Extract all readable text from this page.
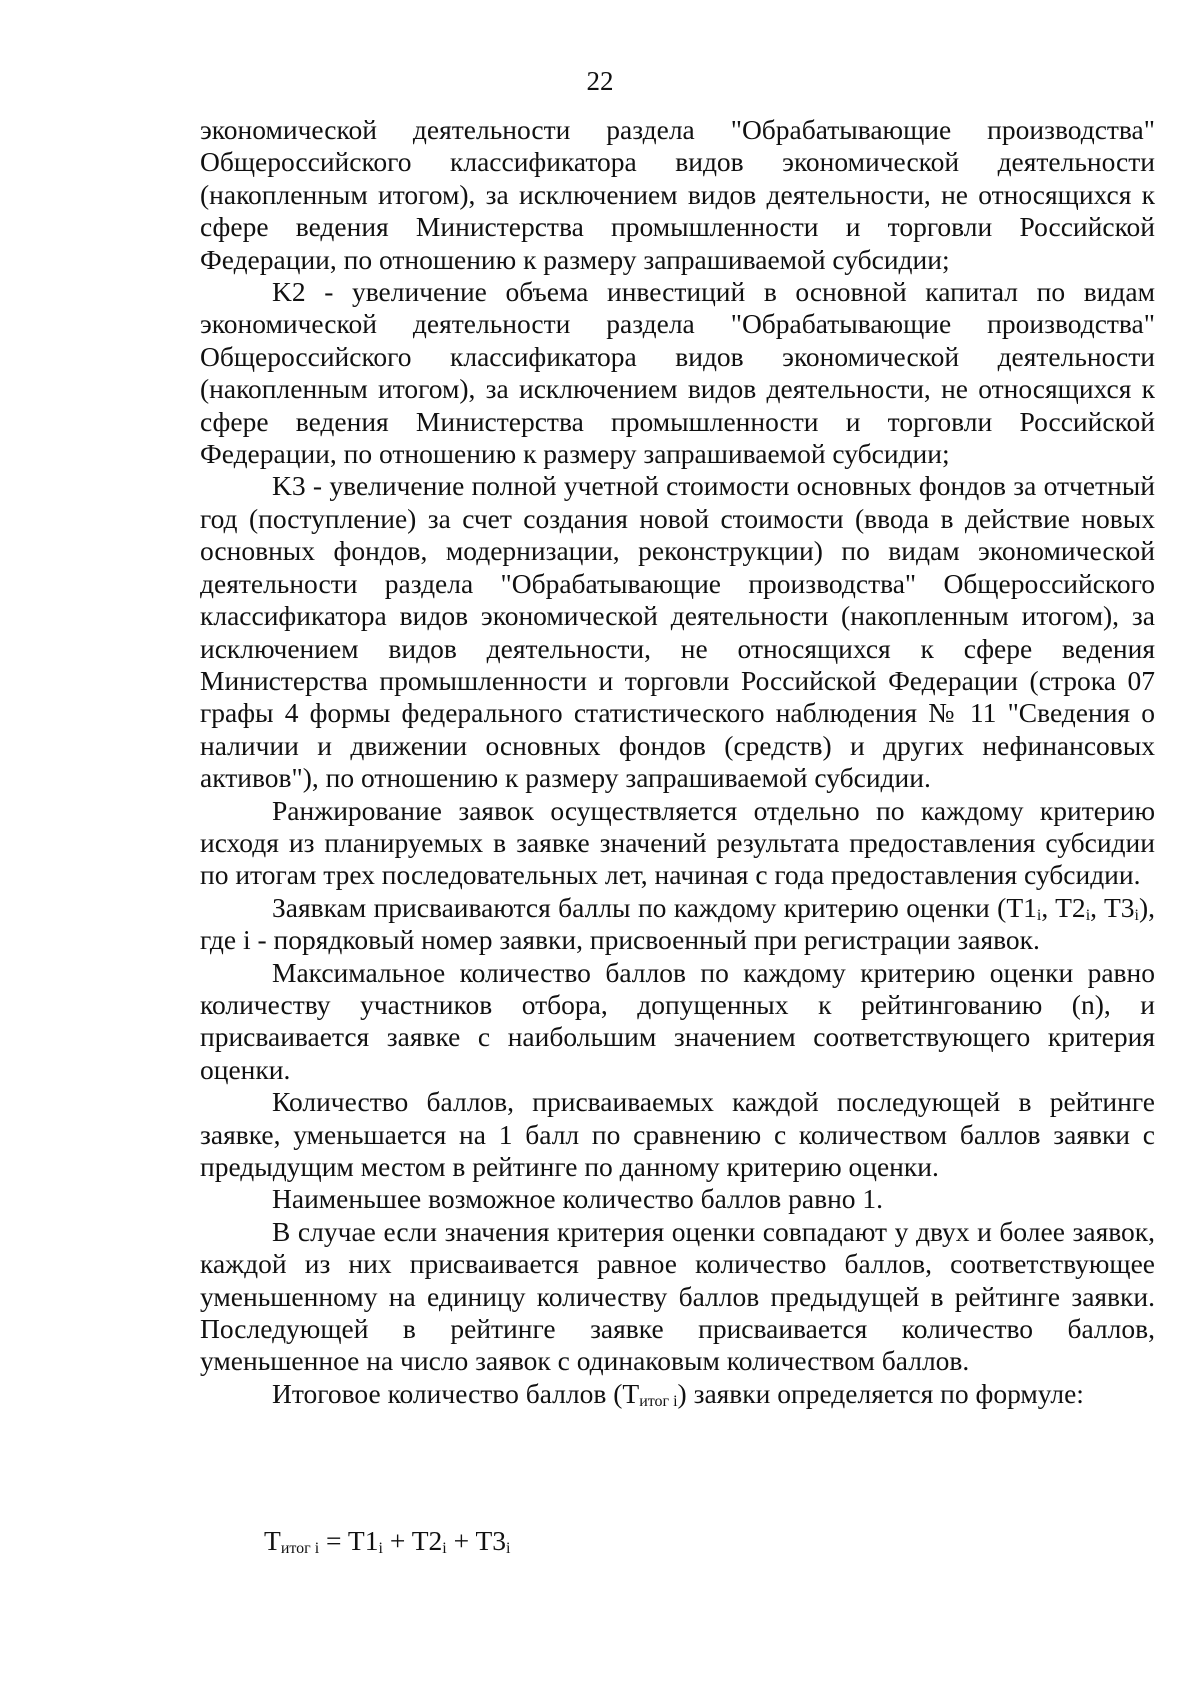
22

экономической деятельности раздела "Обрабатывающие производства" Общероссийского классификатора видов экономической деятельности (накопленным итогом), за исключением видов деятельности, не относящихся к сфере ведения Министерства промышленности и торговли Российской Федерации, по отношению к размеру запрашиваемой субсидии;

K2 - увеличение объема инвестиций в основной капитал по видам экономической деятельности раздела "Обрабатывающие производства" Общероссийского классификатора видов экономической деятельности (накопленным итогом), за исключением видов деятельности, не относящихся к сфере ведения Министерства промышленности и торговли Российской Федерации, по отношению к размеру запрашиваемой субсидии;

K3 - увеличение полной учетной стоимости основных фондов за отчетный год (поступление) за счет создания новой стоимости (ввода в действие новых основных фондов, модернизации, реконструкции) по видам экономической деятельности раздела "Обрабатывающие производства" Общероссийского классификатора видов экономической деятельности (накопленным итогом), за исключением видов деятельности, не относящихся к сфере ведения Министерства промышленности и торговли Российской Федерации (строка 07 графы 4 формы федерального статистического наблюдения № 11 "Сведения о наличии и движении основных фондов (средств) и других нефинансовых активов"), по отношению к размеру запрашиваемой субсидии.

Ранжирование заявок осуществляется отдельно по каждому критерию исходя из планируемых в заявке значений результата предоставления субсидии по итогам трех последовательных лет, начиная с года предоставления субсидии.

Заявкам присваиваются баллы по каждому критерию оценки ($T1_i$, $T2_i$, $T3_i$), где i - порядковый номер заявки, присвоенный при регистрации заявок.

Максимальное количество баллов по каждому критерию оценки равно количеству участников отбора, допущенных к рейтингованию (n), и присваивается заявке с наибольшим значением соответствующего критерия оценки.

Количество баллов, присваиваемых каждой последующей в рейтинге заявке, уменьшается на 1 балл по сравнению с количеством баллов заявки с предыдущим местом в рейтинге по данному критерию оценки.

Наименьшее возможное количество баллов равно 1.

В случае если значения критерия оценки совпадают у двух и более заявок, каждой из них присваивается равное количество баллов, соответствующее уменьшенному на единицу количеству баллов предыдущей в рейтинге заявки. Последующей в рейтинге заявке присваивается количество баллов, уменьшенное на число заявок с одинаковым количеством баллов.

Итоговое количество баллов $(T_{итог i})$ заявки определяется по формуле:

$T_{итог i} = T1_i + T2_i + T3_i$
